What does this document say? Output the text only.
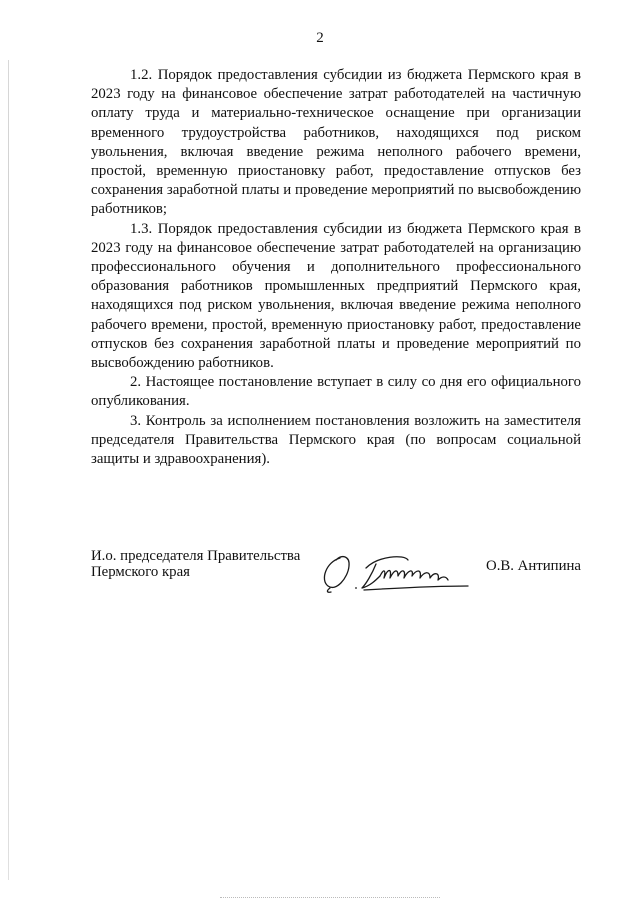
2

1.2. Порядок предоставления субсидии из бюджета Пермского края в 2023 году на финансовое обеспечение затрат работодателей на частичную оплату труда и материально-техническое оснащение при организации временного трудоустройства работников, находящихся под риском увольнения, включая введение режима неполного рабочего времени, простой, временную приостановку работ, предоставление отпусков без сохранения заработной платы и проведение мероприятий по высвобождению работников;

1.3. Порядок предоставления субсидии из бюджета Пермского края в 2023 году на финансовое обеспечение затрат работодателей на организацию профессионального обучения и дополнительного профессионального образования работников промышленных предприятий Пермского края, находящихся под риском увольнения, включая введение режима неполного рабочего времени, простой, временную приостановку работ, предоставление отпусков без сохранения заработной платы и проведение мероприятий по высвобождению работников.

2. Настоящее постановление вступает в силу со дня его официального опубликования.

3. Контроль за исполнением постановления возложить на заместителя председателя Правительства Пермского края (по вопросам социальной защиты и здравоохранения).

И.о. председателя Правительства
Пермского края	О.В. Антипина
